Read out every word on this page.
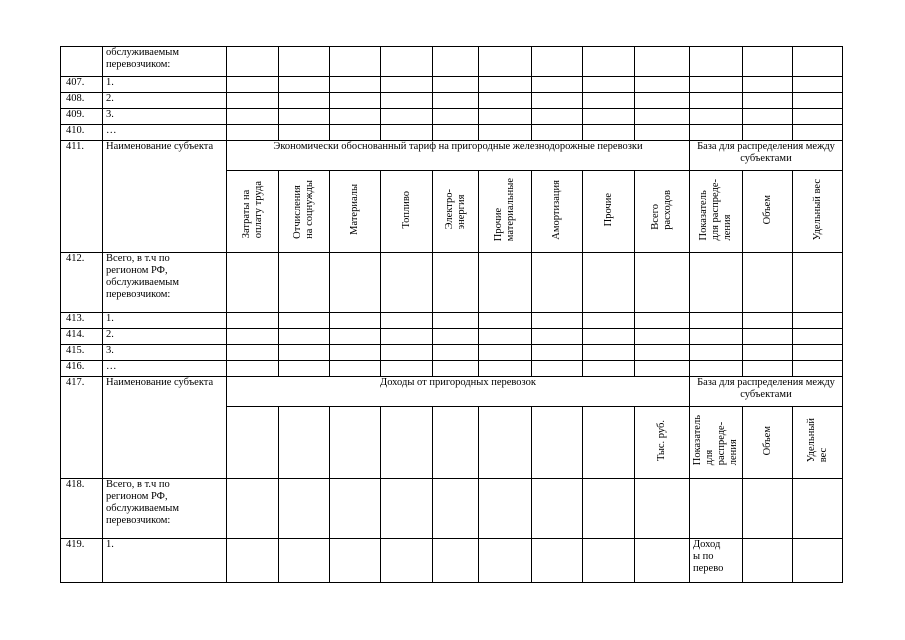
	обслуживаемым
перевозчиком:												
407.	1.												
408.	2.												
409.	3.												
410.	…												
411.	Наименование субъекта	Экономически обоснованный тариф на пригородные железнодорожные перевозки									База для распределения между субъектами		
		Затраты на
оплату труда	Отчисления
на соцнужды	Материалы	Топливо	Электро-
энергия	Прочие
материальные	Амортизация	Прочие	Всего
расходов	Показатель
для распреде-
ления	Объем	Удельный вес
412.	Всего, в т.ч по
регионом РФ,
обслуживаемым
перевозчиком:												
413.	1.												
414.	2.												
415.	3.												
416.	…												
417.	Наименование субъекта	Доходы от пригородных перевозок									База для распределения между субъектами		
										Тыс. руб.	Показатель
для
распреде-
ления	Объем	Удельный
вес
418.	Всего, в т.ч по
регионом РФ,
обслуживаемым
перевозчиком:												
419.	1.										Доход
ы по
перево		
